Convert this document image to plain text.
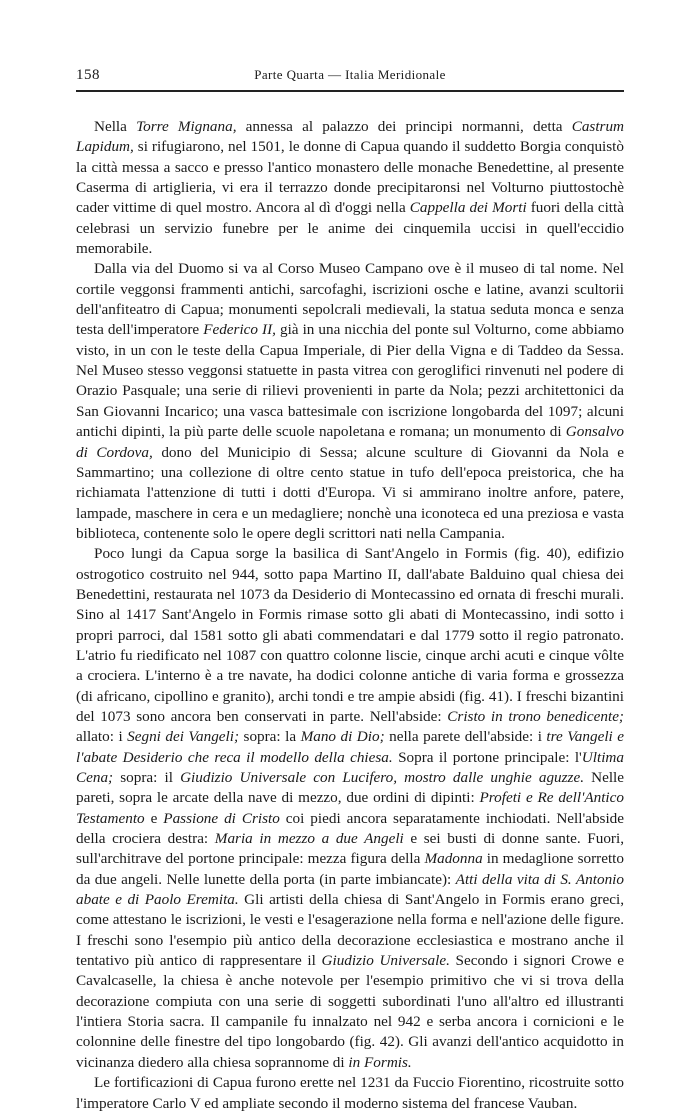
158	Parte Quarta — Italia Meridionale

Nella Torre Mignana, annessa al palazzo dei principi normanni, detta Castrum Lapidum, si rifugiarono, nel 1501, le donne di Capua quando il suddetto Borgia conquistò la città messa a sacco e presso l'antico monastero delle monache Benedettine, al presente Caserma di artiglieria, vi era il terrazzo donde precipitaronsi nel Volturno piuttostochè cader vittime di quel mostro. Ancora al dì d'oggi nella Cappella dei Morti fuori della città celebrasi un servizio funebre per le anime dei cinquemila uccisi in quell'eccidio memorabile.

Dalla via del Duomo si va al Corso Museo Campano ove è il museo di tal nome. Nel cortile veggonsi frammenti antichi, sarcofaghi, iscrizioni osche e latine, avanzi scultorii dell'anfiteatro di Capua; monumenti sepolcrali medievali, la statua seduta monca e senza testa dell'imperatore Federico II, già in una nicchia del ponte sul Volturno, come abbiamo visto, in un con le teste della Capua Imperiale, di Pier della Vigna e di Taddeo da Sessa. Nel Museo stesso veggonsi statuette in pasta vitrea con geroglifici rinvenuti nel podere di Orazio Pasquale; una serie di rilievi provenienti in parte da Nola; pezzi architettonici da San Giovanni Incarico; una vasca battesimale con iscrizione longobarda del 1097; alcuni antichi dipinti, la più parte delle scuole napoletana e romana; un monumento di Gonsalvo di Cordova, dono del Municipio di Sessa; alcune sculture di Giovanni da Nola e Sammartino; una collezione di oltre cento statue in tufo dell'epoca preistorica, che ha richiamata l'attenzione di tutti i dotti d'Europa. Vi si ammirano inoltre anfore, patere, lampade, maschere in cera e un medagliere; nonchè una iconoteca ed una preziosa e vasta biblioteca, contenente solo le opere degli scrittori nati nella Campania.

Poco lungi da Capua sorge la basilica di Sant'Angelo in Formis (fig. 40), edifizio ostrogotico costruito nel 944, sotto papa Martino II, dall'abate Balduino qual chiesa dei Benedettini, restaurata nel 1073 da Desiderio di Montecassino ed ornata di freschi murali. Sino al 1417 Sant'Angelo in Formis rimase sotto gli abati di Montecassino, indi sotto i propri parroci, dal 1581 sotto gli abati commendatari e dal 1779 sotto il regio patronato. L'atrio fu riedificato nel 1087 con quattro colonne liscie, cinque archi acuti e cinque vôlte a crociera. L'interno è a tre navate, ha dodici colonne antiche di varia forma e grossezza (di africano, cipollino e granito), archi tondi e tre ampie absidi (fig. 41). I freschi bizantini del 1073 sono ancora ben conservati in parte. Nell'abside: Cristo in trono benedicente; allato: i Segni dei Vangeli; sopra: la Mano di Dio; nella parete dell'abside: i tre Vangeli e l'abate Desiderio che reca il modello della chiesa. Sopra il portone principale: l'Ultima Cena; sopra: il Giudizio Universale con Lucifero, mostro dalle unghie aguzze. Nelle pareti, sopra le arcate della nave di mezzo, due ordini di dipinti: Profeti e Re dell'Antico Testamento e Passione di Cristo coi piedi ancora separatamente inchiodati. Nell'abside della crociera destra: Maria in mezzo a due Angeli e sei busti di donne sante. Fuori, sull'architrave del portone principale: mezza figura della Madonna in medaglione sorretto da due angeli. Nelle lunette della porta (in parte imbiancate): Atti della vita di S. Antonio abate e di Paolo Eremita. Gli artisti della chiesa di Sant'Angelo in Formis erano greci, come attestano le iscrizioni, le vesti e l'esagerazione nella forma e nell'azione delle figure. I freschi sono l'esempio più antico della decorazione ecclesiastica e mostrano anche il tentativo più antico di rappresentare il Giudizio Universale. Secondo i signori Crowe e Cavalcaselle, la chiesa è anche notevole per l'esempio primitivo che vi si trova della decorazione compiuta con una serie di soggetti subordinati l'uno all'altro ed illustranti l'intiera Storia sacra. Il campanile fu innalzato nel 942 e serba ancora i cornicioni e le colonnine delle finestre del tipo longobardo (fig. 42). Gli avanzi dell'antico acquidotto in vicinanza diedero alla chiesa soprannome di in Formis.

Le fortificazioni di Capua furono erette nel 1231 da Fuccio Fiorentino, ricostruite sotto l'imperatore Carlo V ed ampliate secondo il moderno sistema del francese Vauban.
